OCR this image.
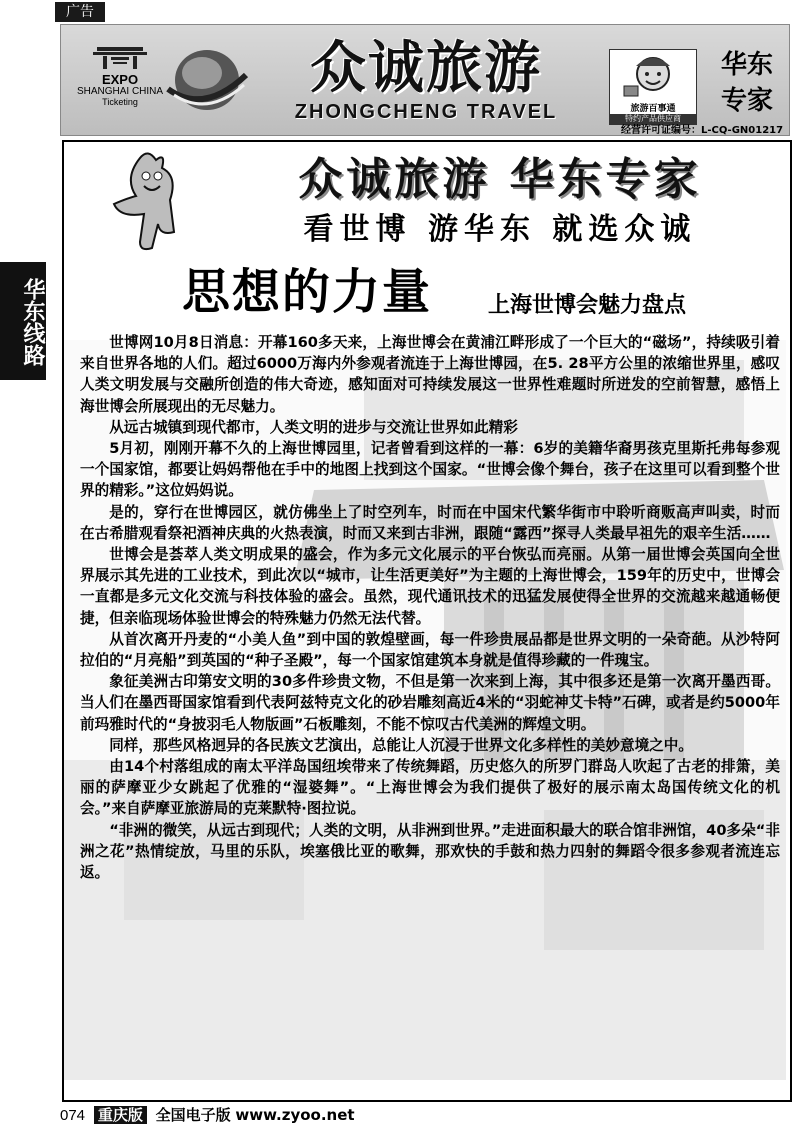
广告
EXPO
SHANGHAI CHINA
Ticketing
众诚旅游
ZHONGCHENG TRAVEL	旅游百事通
特约产品供应商
华东
专家
经营许可证编号：L-CQ-GN01217
华东线路
众诚旅游 华东专家
看世博 游华东 就选众诚
思想的力量	上海世博会魅力盘点

世博网10月8日消息：开幕160多天来，上海世博会在黄浦江畔形成了一个巨大的“磁场”，持续吸引着来自世界各地的人们。超过6000万海内外参观者流连于上海世博园，在5. 28平方公里的浓缩世界里，感叹人类文明发展与交融所创造的伟大奇迹，感知面对可持续发展这一世界性难题时所迸发的空前智慧，感悟上海世博会所展现出的无尽魅力。

从远古城镇到现代都市，人类文明的进步与交流让世界如此精彩

5月初，刚刚开幕不久的上海世博园里，记者曾看到这样的一幕：6岁的美籍华裔男孩克里斯托弗每参观一个国家馆，都要让妈妈帮他在手中的地图上找到这个国家。“世博会像个舞台，孩子在这里可以看到整个世界的精彩。”这位妈妈说。

是的，穿行在世博园区，就仿佛坐上了时空列车，时而在中国宋代繁华街市中聆听商贩高声叫卖，时而在古希腊观看祭祀酒神庆典的火热表演，时而又来到古非洲，跟随“露西”探寻人类最早祖先的艰辛生活……

世博会是荟萃人类文明成果的盛会，作为多元文化展示的平台恢弘而亮丽。从第一届世博会英国向全世界展示其先进的工业技术，到此次以“城市，让生活更美好”为主题的上海世博会，159年的历史中，世博会一直都是多元文化交流与科技体验的盛会。虽然，现代通讯技术的迅猛发展使得全世界的交流越来越通畅便捷，但亲临现场体验世博会的特殊魅力仍然无法代替。

从首次离开丹麦的“小美人鱼”到中国的敦煌壁画，每一件珍贵展品都是世界文明的一朵奇葩。从沙特阿拉伯的“月亮船”到英国的“种子圣殿”，每一个国家馆建筑本身就是值得珍藏的一件瑰宝。

象征美洲古印第安文明的30多件珍贵文物，不但是第一次来到上海，其中很多还是第一次离开墨西哥。当人们在墨西哥国家馆看到代表阿兹特克文化的砂岩雕刻高近4米的“羽蛇神艾卡特”石碑，或者是约5000年前玛雅时代的“身披羽毛人物版画”石板雕刻，不能不惊叹古代美洲的辉煌文明。

同样，那些风格迥异的各民族文艺演出，总能让人沉浸于世界文化多样性的美妙意境之中。

由14个村落组成的南太平洋岛国纽埃带来了传统舞蹈，历史悠久的所罗门群岛人吹起了古老的排箫，美丽的萨摩亚少女跳起了优雅的“湿婆舞”。“上海世博会为我们提供了极好的展示南太岛国传统文化的机会。”来自萨摩亚旅游局的克莱默特·图拉说。

“非洲的微笑，从远古到现代；人类的文明，从非洲到世界。”走进面积最大的联合馆非洲馆，40多朵“非洲之花”热情绽放，马里的乐队，埃塞俄比亚的歌舞，那欢快的手鼓和热力四射的舞蹈令很多参观者流连忘返。

074 重庆版 全国电子版 www.zyoo.net
